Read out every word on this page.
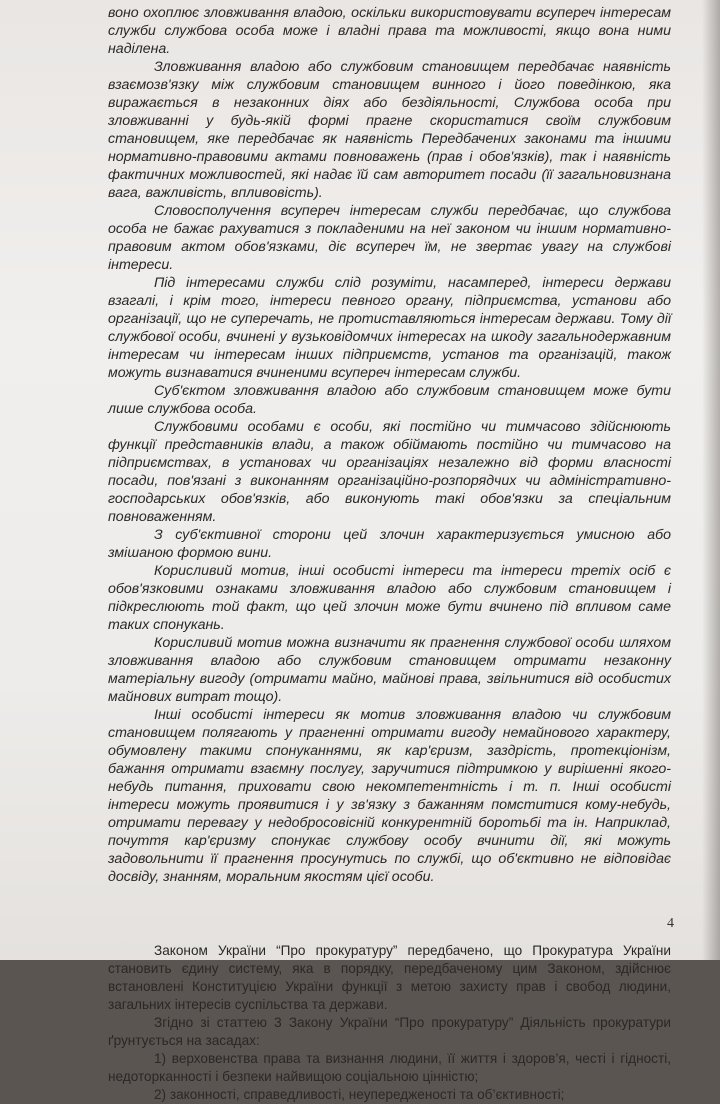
воно охоплює зловживання владою, оскільки використовувати всупереч інтересам служби службова особа може і владні права та можливості, якщо вона ними наділена.

Зловживання владою або службовим становищем передбачає наявність взаємозв'язку між службовим становищем винного і його поведінкою, яка виражається в незаконних діях або бездіяльності, Службова особа при зловживанні у будь-якій формі прагне скористатися своїм службовим становищем, яке передбачає як наявність Передбачених законами та іншими нормативно-правовими актами повноважень (прав і обов'язків), так і наявність фактичних можливостей, які надає їй сам авторитет посади (її загальновизнана вага, важливість, впливовість).

Словосполучення всупереч інтересам служби передбачає, що службова особа не бажає рахуватися з покладеними на неї законом чи іншим нормативно-правовим актом обов'язками, діє всупереч їм, не звертає увагу на службові інтереси.

Під інтересами служби слід розуміти, насамперед, інтереси держави взагалі, і крім того, інтереси певного органу, підприємства, установи або організації, що не суперечать, не протиставляються інтересам держави. Тому дії службової особи, вчинені у вузьковідомчих інтересах на шкоду загальнодержавним інтересам чи інтересам інших підприємств, установ та організацій, також можуть визнаватися вчиненими всупереч інтересам служби.

Суб'єктом зловживання владою або службовим становищем може бути лише службова особа.

Службовими особами є особи, які постійно чи тимчасово здійснюють функції представників влади, а також обіймають постійно чи тимчасово на підприємствах, в установах чи організаціях незалежно від форми власності посади, пов'язані з виконанням організаційно-розпорядчих чи адміністративно-господарських обов'язків, або виконують такі обов'язки за спеціальним повноваженням.

З суб'єктивної сторони цей злочин характеризується умисною або змішаною формою вини.

Корисливий мотив, інші особисті інтереси та інтереси третіх осіб є обов'язковими ознаками зловживання владою або службовим становищем і підкреслюють той факт, що цей злочин може бути вчинено під впливом саме таких спонукань.

Корисливий мотив можна визначити як прагнення службової особи шляхом зловживання владою або службовим становищем отримати незаконну матеріальну вигоду (отримати майно, майнові права, звільнитися від особистих майнових витрат тощо).

Інші особисті інтереси як мотив зловживання владою чи службовим становищем полягають у прагненні отримати вигоду немайнового характеру, обумовлену такими спонуканнями, як кар'єризм, заздрість, протекціонізм, бажання отримати взаємну послугу, заручитися підтримкою у вирішенні якого-небудь питання, приховати свою некомпетентність і т. п. Інші особисті інтереси можуть проявитися і у зв'язку з бажанням помститися кому-небудь, отримати перевагу у недобросовісній конкурентній боротьбі та ін. Наприклад, почуття кар'єризму спонукає службову особу вчинити дії, які можуть задовольнити її прагнення просунутись по службі, що об'єктивно не відповідає досвіду, знанням, моральним якостям цієї особи.

Законом України “Про прокуратуру” передбачено, що Прокуратура України становить єдину систему, яка в порядку, передбаченому цим Законом, здійснює встановлені Конституцією України функції з метою захисту прав і свобод людини, загальних інтересів суспільства та держави.

Згідно зі статтею 3 Закону України “Про прокуратуру” Діяльність прокуратури ґрунтується на засадах:

1) верховенства права та визнання людини, її життя і здоров’я, честі і гідності, недоторканності і безпеки найвищою соціальною цінністю;

2) законності, справедливості, неупередженості та об’єктивності;

4
